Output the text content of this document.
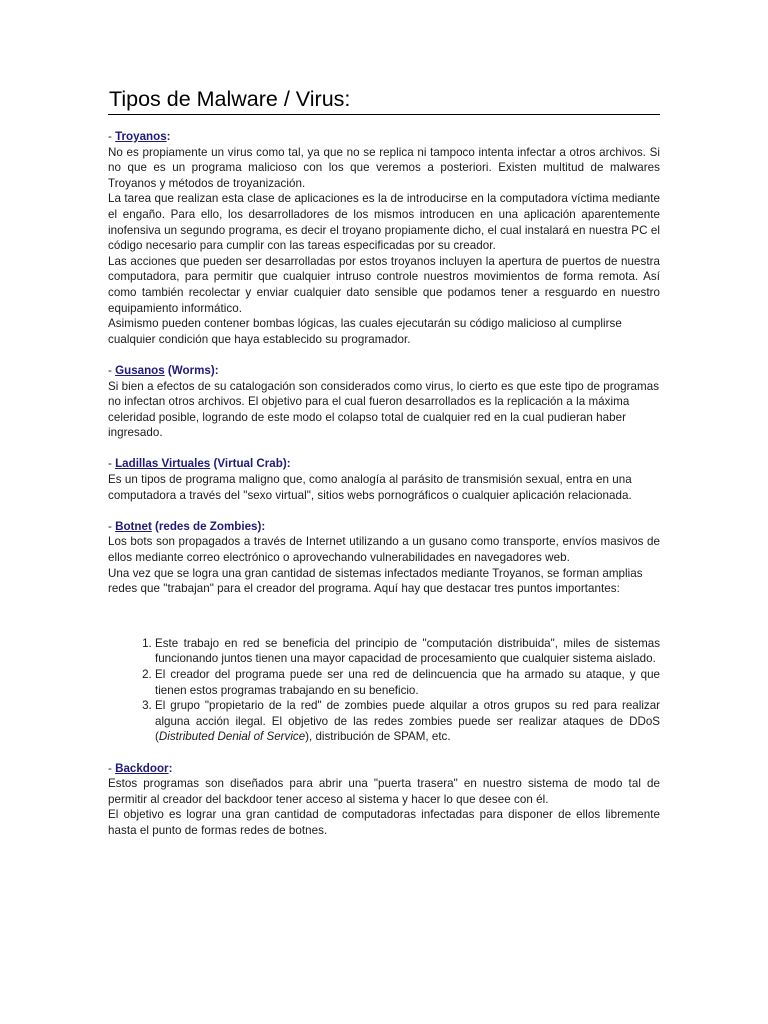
Tipos de Malware / Virus:
- Troyanos:

No es propiamente un virus como tal, ya que no se replica ni tampoco intenta infectar a otros archivos. Si no que es un programa malicioso con los que veremos a posteriori. Existen multitud de malwares Troyanos y métodos de troyanización.

La tarea que realizan esta clase de aplicaciones es la de introducirse en la computadora víctima mediante el engaño. Para ello, los desarrolladores de los mismos introducen en una aplicación aparentemente inofensiva un segundo programa, es decir el troyano propiamente dicho, el cual instalará en nuestra PC el código necesario para cumplir con las tareas especificadas por su creador.

Las acciones que pueden ser desarrolladas por estos troyanos incluyen la apertura de puertos de nuestra computadora, para permitir que cualquier intruso controle nuestros movimientos de forma remota. Así como también recolectar y enviar cualquier dato sensible que podamos tener a resguardo en nuestro equipamiento informático.

Asimismo pueden contener bombas lógicas, las cuales ejecutarán su código malicioso al cumplirse cualquier condición que haya establecido su programador.

- Gusanos (Worms):

Si bien a efectos de su catalogación son considerados como virus, lo cierto es que este tipo de programas no infectan otros archivos. El objetivo para el cual fueron desarrollados es la replicación a la máxima celeridad posible, logrando de este modo el colapso total de cualquier red en la cual pudieran haber ingresado.

- Ladillas Virtuales (Virtual Crab):

Es un tipos de programa maligno que, como analogía al parásito de transmisión sexual, entra en una computadora a través del "sexo virtual", sitios webs pornográficos o cualquier aplicación relacionada.

- Botnet (redes de Zombies):

Los bots son propagados a través de Internet utilizando a un gusano como transporte, envíos masivos de ellos mediante correo electrónico o aprovechando vulnerabilidades en navegadores web.

Una vez que se logra una gran cantidad de sistemas infectados mediante Troyanos, se forman amplias redes que "trabajan" para el creador del programa. Aquí hay que destacar tres puntos importantes:

1. Este trabajo en red se beneficia del principio de "computación distribuida", miles de sistemas funcionando juntos tienen una mayor capacidad de procesamiento que cualquier sistema aislado.
2. El creador del programa puede ser una red de delincuencia que ha armado su ataque, y que tienen estos programas trabajando en su beneficio.
3. El grupo "propietario de la red" de zombies puede alquilar a otros grupos su red para realizar alguna acción ilegal. El objetivo de las redes zombies puede ser realizar ataques de DDoS (Distributed Denial of Service), distribución de SPAM, etc.
- Backdoor:

Estos programas son diseñados para abrir una "puerta trasera" en nuestro sistema de modo tal de permitir al creador del backdoor tener acceso al sistema y hacer lo que desee con él.

El objetivo es lograr una gran cantidad de computadoras infectadas para disponer de ellos libremente hasta el punto de formas redes de botnes.
